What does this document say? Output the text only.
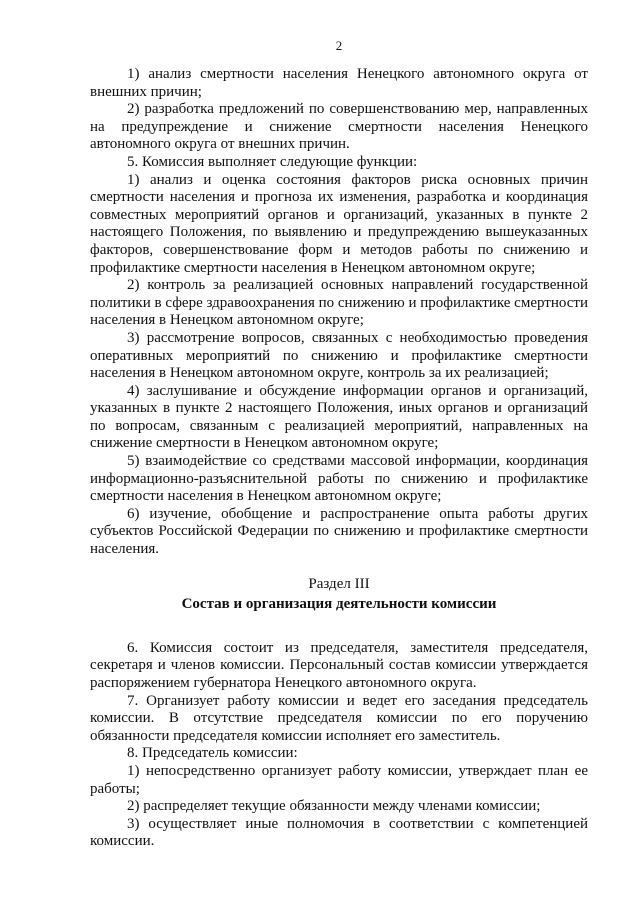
2

1) анализ смертности населения Ненецкого автономного округа от внешних причин;

2) разработка предложений по совершенствованию мер, направленных на предупреждение и снижение смертности населения Ненецкого автономного округа от внешних причин.

5. Комиссия выполняет следующие функции:

1) анализ и оценка состояния факторов риска основных причин смертности населения и прогноза их изменения, разработка и координация совместных мероприятий органов и организаций, указанных в пункте 2 настоящего Положения, по выявлению и предупреждению вышеуказанных факторов, совершенствование форм и методов работы по снижению и профилактике смертности населения в Ненецком автономном округе;

2) контроль за реализацией основных направлений государственной политики в сфере здравоохранения по снижению и профилактике смертности населения в Ненецком автономном округе;

3) рассмотрение вопросов, связанных с необходимостью проведения оперативных мероприятий по снижению и профилактике смертности населения в Ненецком автономном округе, контроль за их реализацией;

4) заслушивание и обсуждение информации органов и организаций, указанных в пункте 2 настоящего Положения, иных органов и организаций по вопросам, связанным с реализацией мероприятий, направленных на снижение смертности в Ненецком автономном округе;

5) взаимодействие со средствами массовой информации, координация информационно-разъяснительной работы по снижению и профилактике смертности населения в Ненецком автономном округе;

6) изучение, обобщение и распространение опыта работы других субъектов Российской Федерации по снижению и профилактике смертности населения.

Раздел III

Состав и организация деятельности комиссии

6. Комиссия состоит из председателя, заместителя председателя, секретаря и членов комиссии. Персональный состав комиссии утверждается распоряжением губернатора Ненецкого автономного округа.

7. Организует работу комиссии и ведет его заседания председатель комиссии. В отсутствие председателя комиссии по его поручению обязанности председателя комиссии исполняет его заместитель.

8. Председатель комиссии:

1) непосредственно организует работу комиссии, утверждает план ее работы;

2) распределяет текущие обязанности между членами комиссии;

3) осуществляет иные полномочия в соответствии с компетенцией комиссии.
